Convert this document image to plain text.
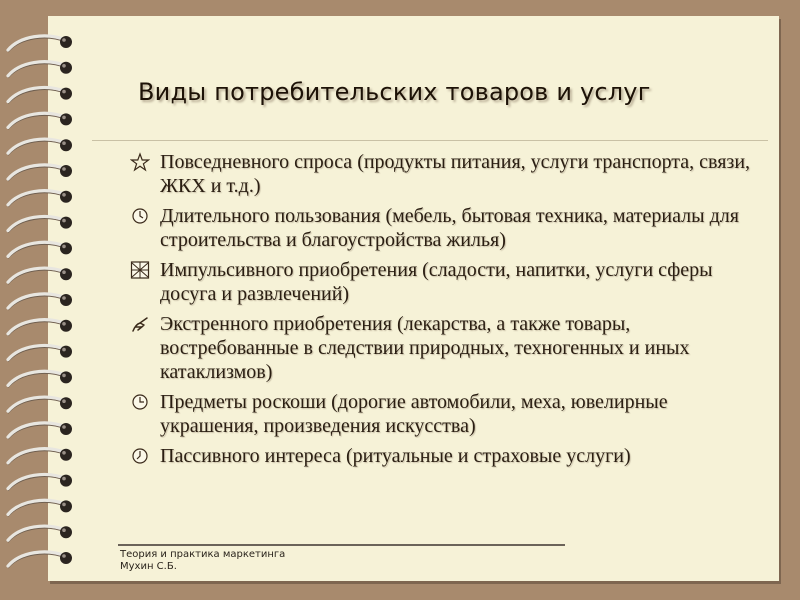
Виды потребительских товаров и услуг
Повседневного спроса (продукты питания, услуги транспорта, связи, ЖКХ и т.д.)
Длительного пользования (мебель, бытовая техника, материалы для строительства и благоустройства жилья)
Импульсивного приобретения (сладости, напитки, услуги сферы досуга и развлечений)
Экстренного приобретения (лекарства, а также товары, востребованные в следствии природных, техногенных и иных катаклизмов)
Предметы роскоши (дорогие автомобили, меха, ювелирные украшения, произведения искусства)
Пассивного интереса (ритуальные и страховые услуги)
Теория и практика маркетинга
Мухин С.Б.
